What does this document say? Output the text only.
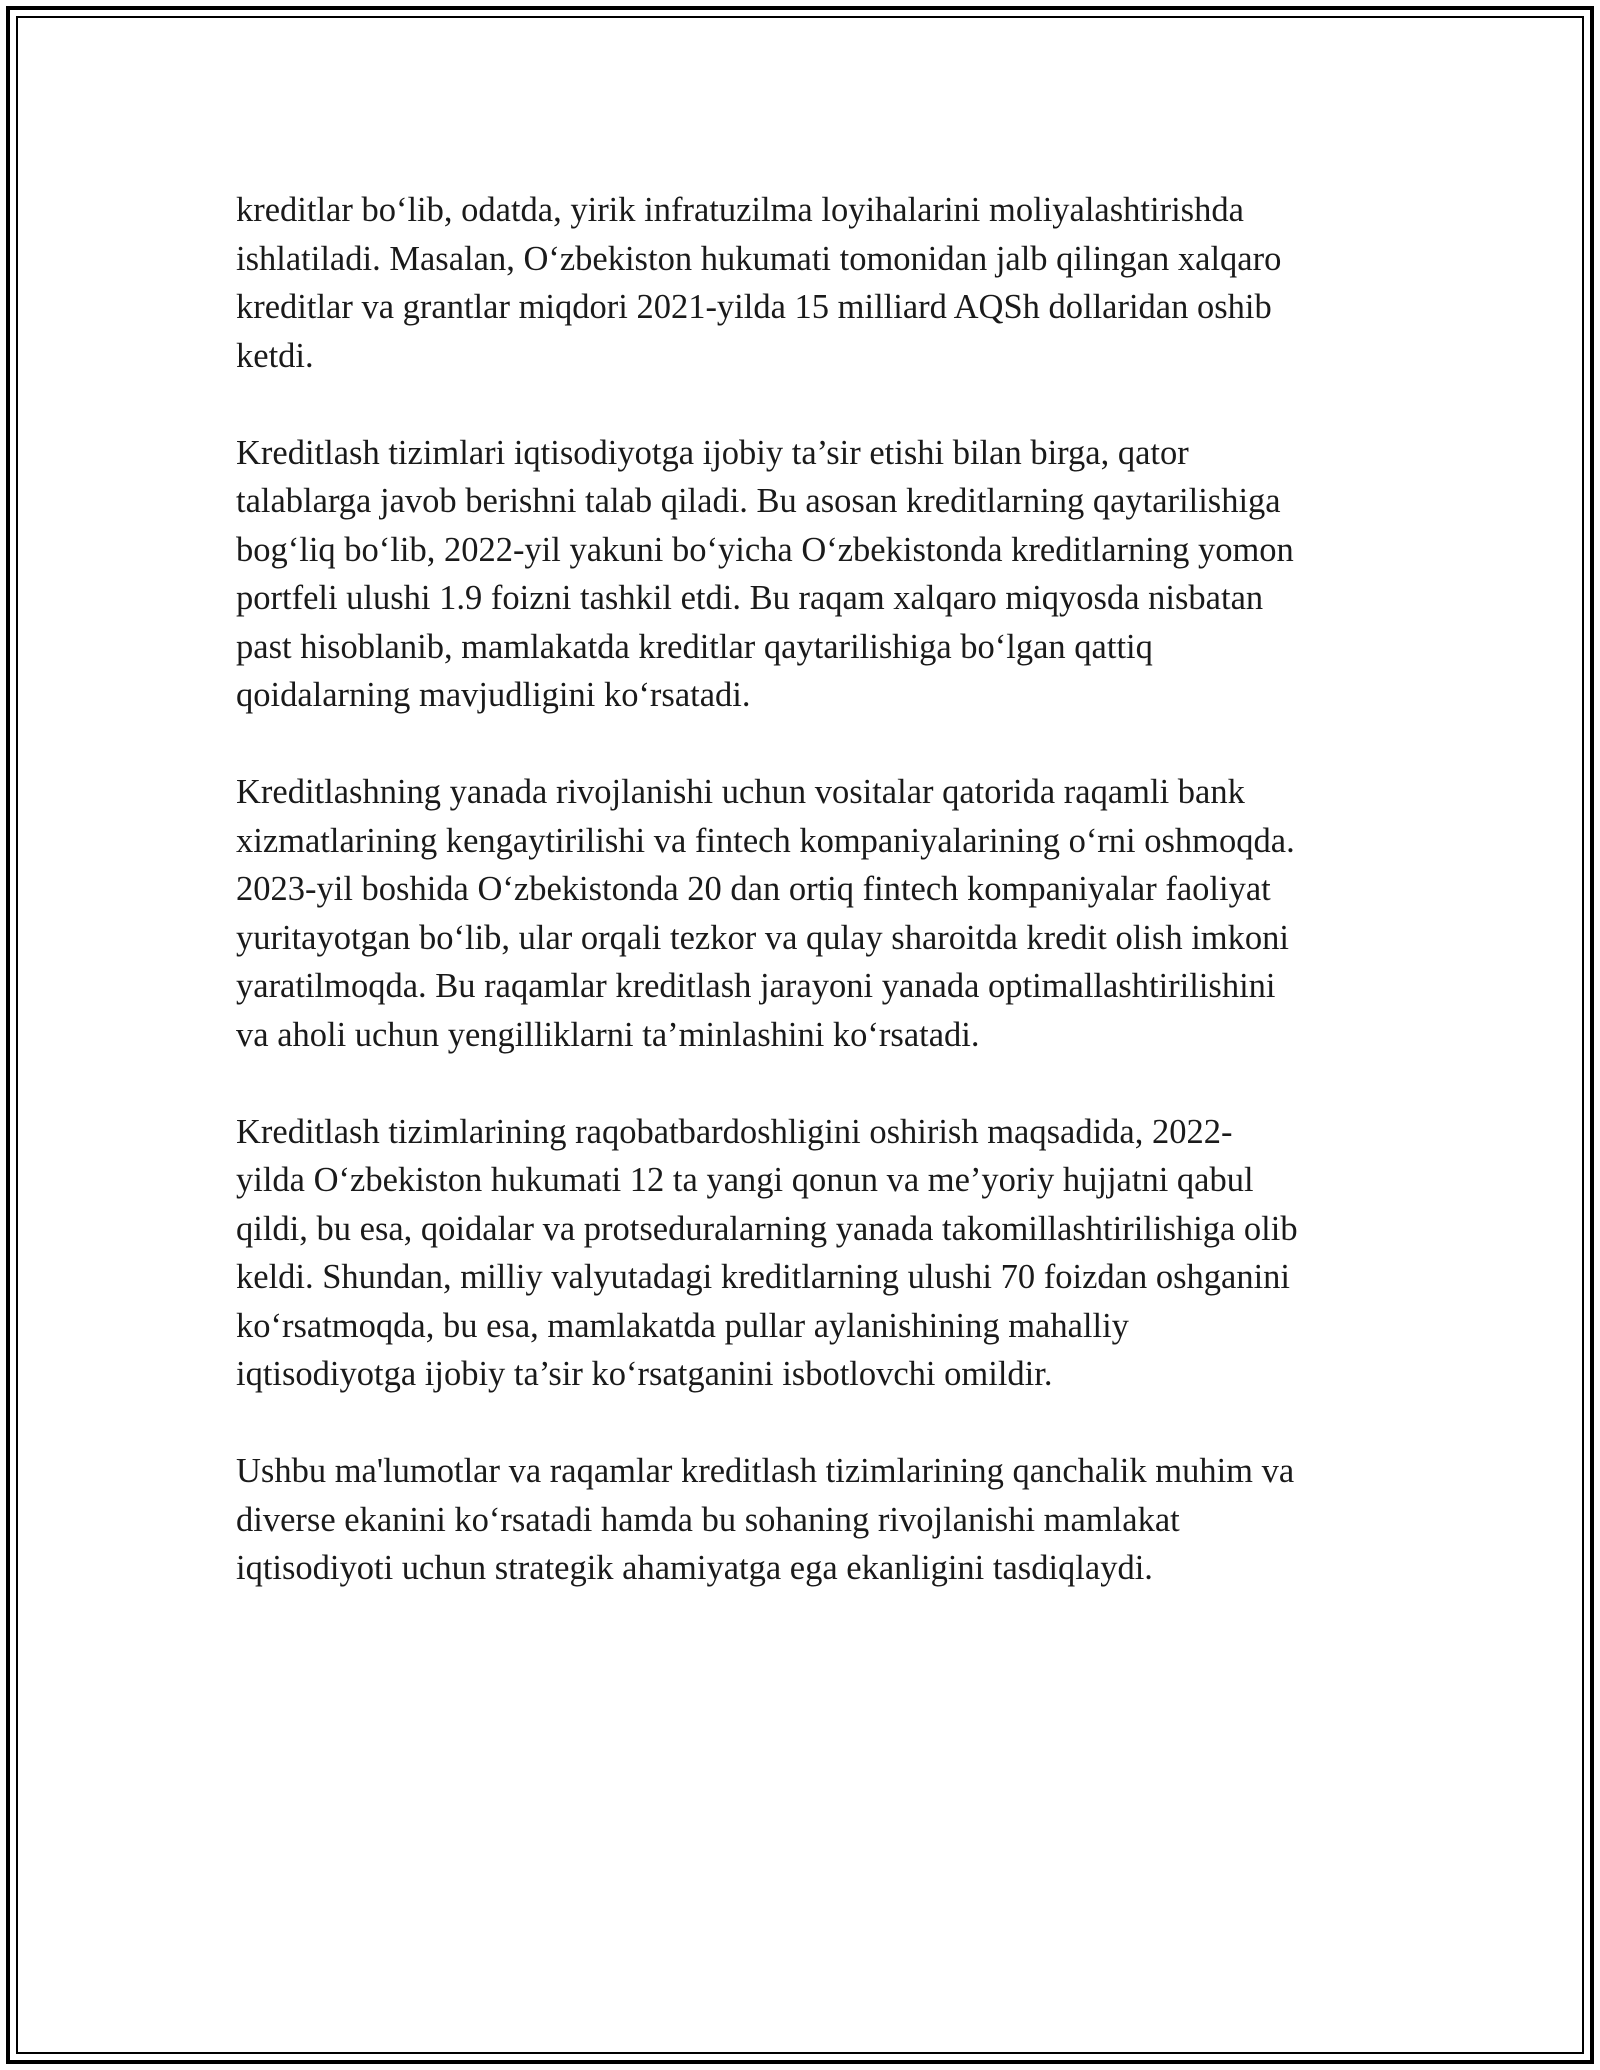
kreditlar bo‘lib, odatda, yirik infratuzilma loyihalarini moliyalashtirishda
ishlatiladi. Masalan, O‘zbekiston hukumati tomonidan jalb qilingan xalqaro
kreditlar va grantlar miqdori 2021-yilda 15 milliard AQSh dollaridan oshib
ketdi.

Kreditlash tizimlari iqtisodiyotga ijobiy ta’sir etishi bilan birga, qator
talablarga javob berishni talab qiladi. Bu asosan kreditlarning qaytarilishiga
bog‘liq bo‘lib, 2022-yil yakuni bo‘yicha O‘zbekistonda kreditlarning yomon
portfeli ulushi 1.9 foizni tashkil etdi. Bu raqam xalqaro miqyosda nisbatan
past hisoblanib, mamlakatda kreditlar qaytarilishiga bo‘lgan qattiq
qoidalarning mavjudligini ko‘rsatadi.

Kreditlashning yanada rivojlanishi uchun vositalar qatorida raqamli bank
xizmatlarining kengaytirilishi va fintech kompaniyalarining o‘rni oshmoqda.
2023-yil boshida O‘zbekistonda 20 dan ortiq fintech kompaniyalar faoliyat
yuritayotgan bo‘lib, ular orqali tezkor va qulay sharoitda kredit olish imkoni
yaratilmoqda. Bu raqamlar kreditlash jarayoni yanada optimallashtirilishini
va aholi uchun yengilliklarni ta’minlashini ko‘rsatadi.

Kreditlash tizimlarining raqobatbardoshligini oshirish maqsadida, 2022-
yilda O‘zbekiston hukumati 12 ta yangi qonun va me’yoriy hujjatni qabul
qildi, bu esa, qoidalar va protseduralarning yanada takomillashtirilishiga olib
keldi. Shundan, milliy valyutadagi kreditlarning ulushi 70 foizdan oshganini
ko‘rsatmoqda, bu esa, mamlakatda pullar aylanishining mahalliy
iqtisodiyotga ijobiy ta’sir ko‘rsatganini isbotlovchi omildir.

Ushbu ma'lumotlar va raqamlar kreditlash tizimlarining qanchalik muhim va
diverse ekanini ko‘rsatadi hamda bu sohaning rivojlanishi mamlakat
iqtisodiyoti uchun strategik ahamiyatga ega ekanligini tasdiqlaydi.
